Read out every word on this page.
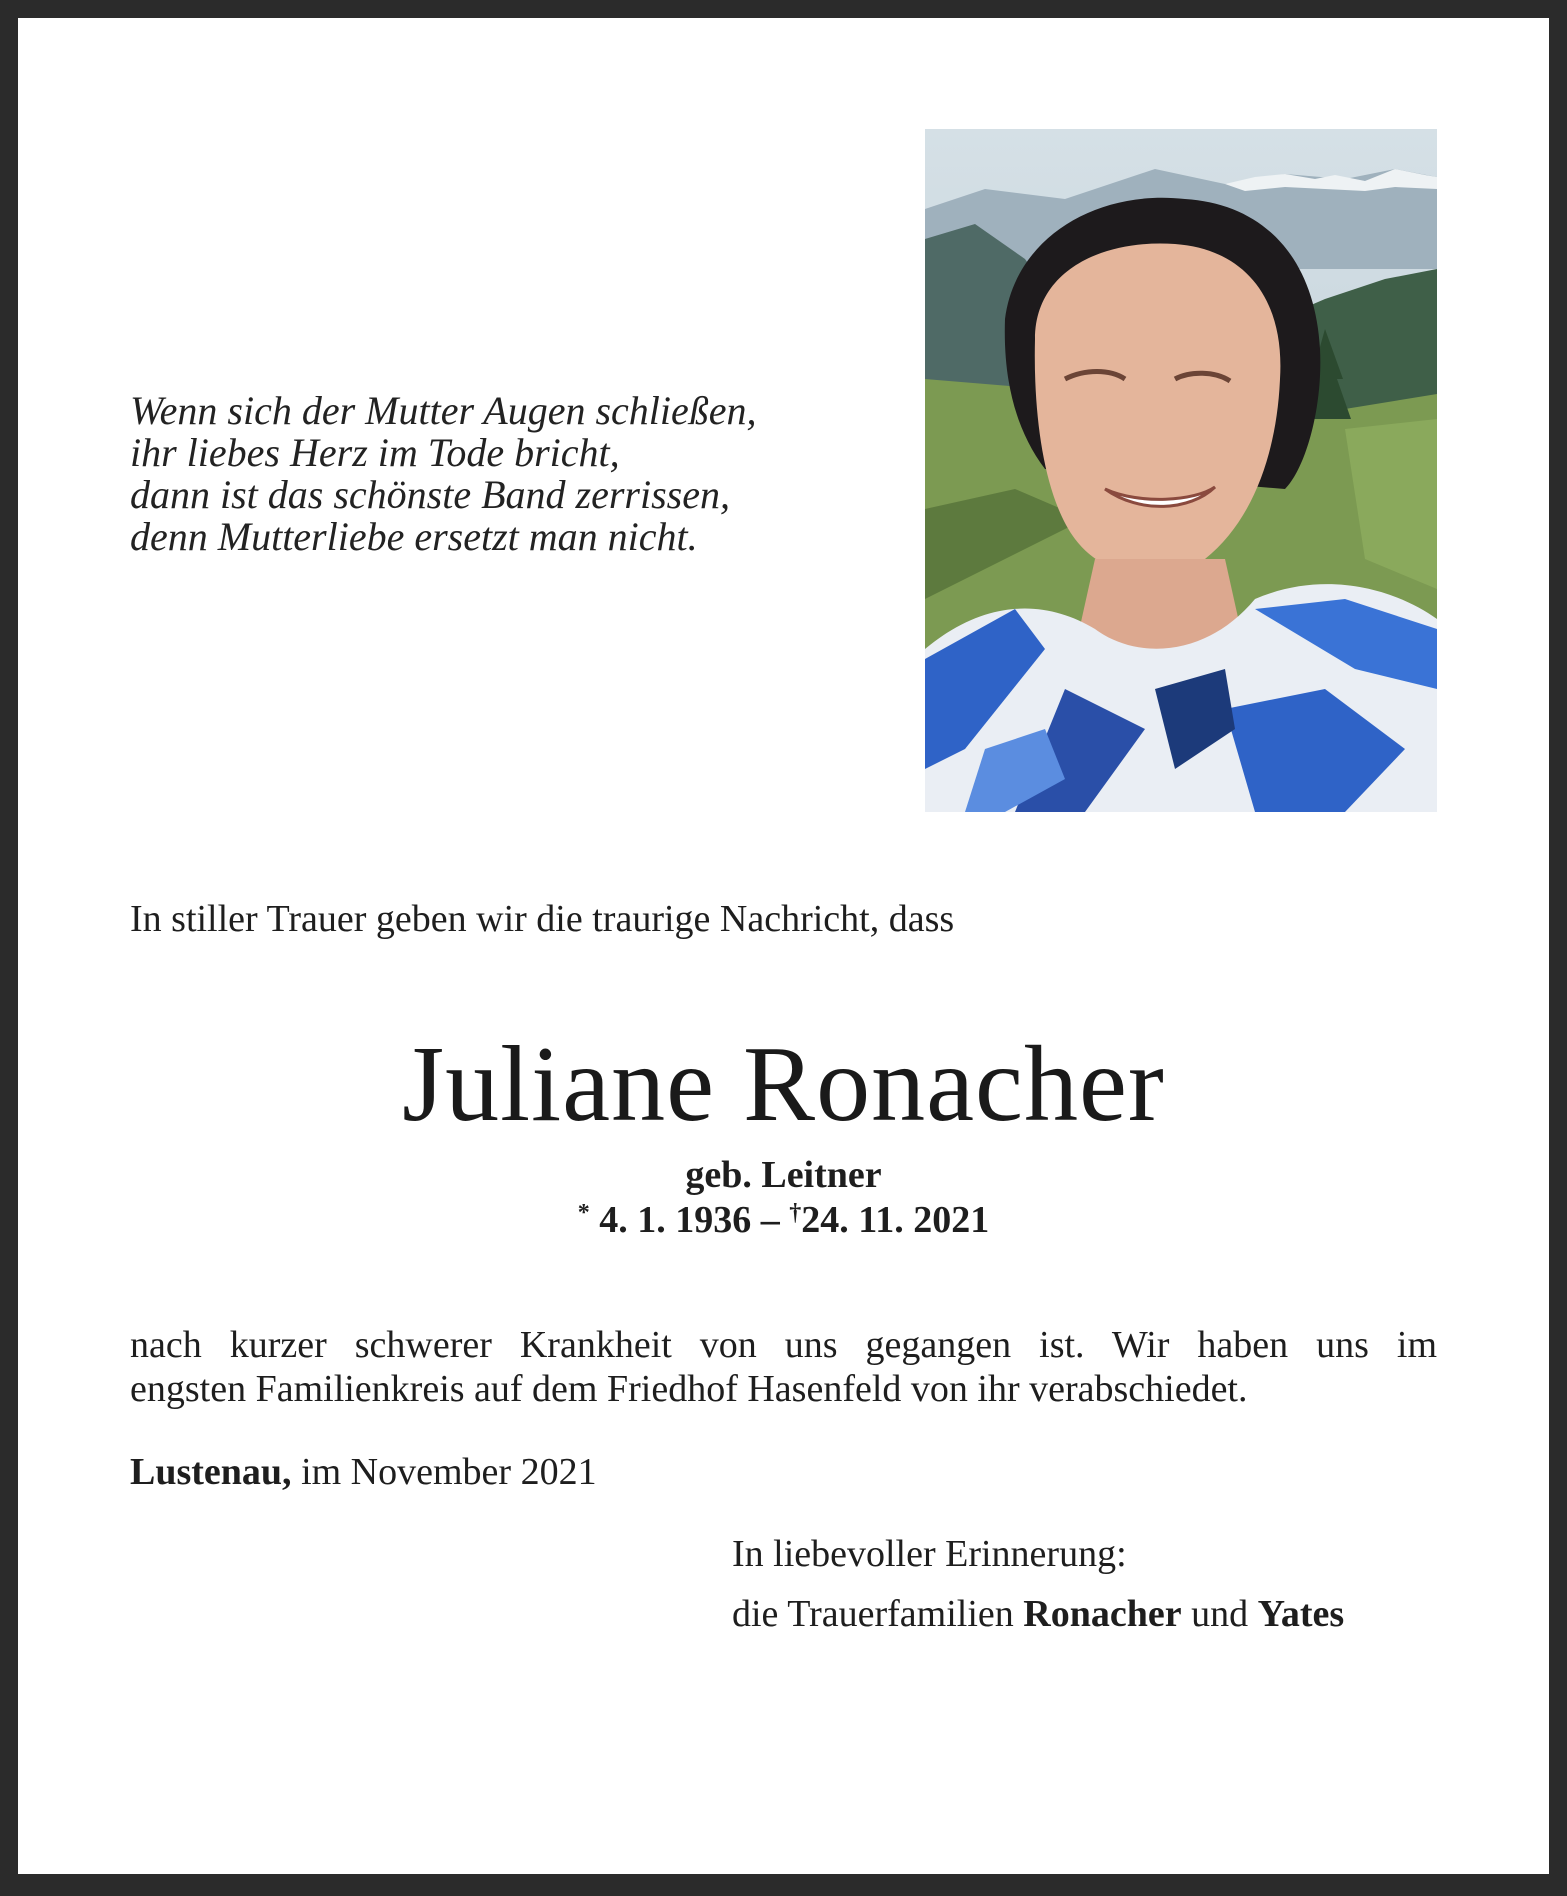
Wenn sich der Mutter Augen schließen,
ihr liebes Herz im Tode bricht,
dann ist das schönste Band zerrissen,
denn Mutterliebe ersetzt man nicht.
In stiller Trauer geben wir die traurige Nachricht, dass
Juliane Ronacher
geb. Leitner
* 4. 1. 1936 – †24. 11. 2021
nach kurzer schwerer Krankheit von uns gegangen ist. Wir haben uns im
engsten Familienkreis auf dem Friedhof Hasenfeld von ihr verabschiedet.
Lustenau, im November 2021
In liebevoller Erinnerung:
die Trauerfamilien Ronacher und Yates
